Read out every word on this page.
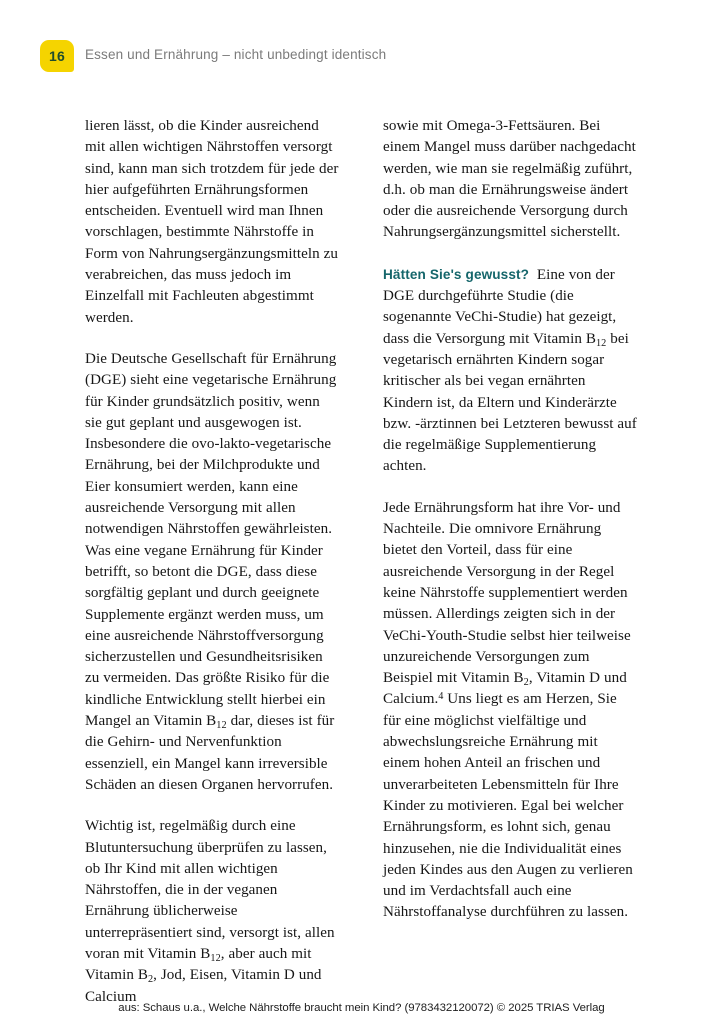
16 Essen und Ernährung – nicht unbedingt identisch

lieren lässt, ob die Kinder ausreichend mit allen wichtigen Nährstoffen versorgt sind, kann man sich trotzdem für jede der hier aufgeführten Ernährungsformen entscheiden. Eventuell wird man Ihnen vorschlagen, bestimmte Nährstoffe in Form von Nahrungsergänzungsmitteln zu verabreichen, das muss jedoch im Einzelfall mit Fachleuten abgestimmt werden.

Die Deutsche Gesellschaft für Ernährung (DGE) sieht eine vegetarische Ernährung für Kinder grundsätzlich positiv, wenn sie gut geplant und ausgewogen ist. Insbesondere die ovo-lakto-vegetarische Ernährung, bei der Milchprodukte und Eier konsumiert werden, kann eine ausreichende Versorgung mit allen notwendigen Nährstoffen gewährleisten. Was eine vegane Ernährung für Kinder betrifft, so betont die DGE, dass diese sorgfältig geplant und durch geeignete Supplemente ergänzt werden muss, um eine ausreichende Nährstoffversorgung sicherzustellen und Gesundheitsrisiken zu vermeiden. Das größte Risiko für die kindliche Entwicklung stellt hierbei ein Mangel an Vitamin $B_{12}$ dar, dieses ist für die Gehirn- und Nervenfunktion essenziell, ein Mangel kann irreversible Schäden an diesen Organen hervorrufen.

Wichtig ist, regelmäßig durch eine Blutuntersuchung überprüfen zu lassen, ob Ihr Kind mit allen wichtigen Nährstoffen, die in der veganen Ernährung üblicherweise unterrepräsentiert sind, versorgt ist, allen voran mit Vitamin $B_{12}$, aber auch mit Vitamin $B_2$, Jod, Eisen, Vitamin D und Calcium

sowie mit Omega-3-Fettsäuren. Bei einem Mangel muss darüber nachgedacht werden, wie man sie regelmäßig zuführt, d.h. ob man die Ernährungsweise ändert oder die ausreichende Versorgung durch Nahrungsergänzungsmittel sicherstellt.

Hätten Sie's gewusst? Eine von der DGE durchgeführte Studie (die sogenannte VeChi-Studie) hat gezeigt, dass die Versorgung mit Vitamin $B_{12}$ bei vegetarisch ernährten Kindern sogar kritischer als bei vegan ernährten Kindern ist, da Eltern und Kinderärzte bzw. -ärztinnen bei Letzteren bewusst auf die regelmäßige Supplementierung achten.

Jede Ernährungsform hat ihre Vor- und Nachteile. Die omnivore Ernährung bietet den Vorteil, dass für eine ausreichende Versorgung in der Regel keine Nährstoffe supplementiert werden müssen. Allerdings zeigten sich in der VeChi-Youth-Studie selbst hier teilweise unzureichende Versorgungen zum Beispiel mit Vitamin $B_2$, Vitamin D und Calcium.$^4$ Uns liegt es am Herzen, Sie für eine möglichst vielfältige und abwechslungsreiche Ernährung mit einem hohen Anteil an frischen und unverarbeiteten Lebensmitteln für Ihre Kinder zu motivieren. Egal bei welcher Ernährungsform, es lohnt sich, genau hinzusehen, nie die Individualität eines jeden Kindes aus den Augen zu verlieren und im Verdachtsfall auch eine Nährstoffanalyse durchführen zu lassen.

aus: Schaus u.a., Welche Nährstoffe braucht mein Kind? (9783432120072) © 2025 TRIAS Verlag
